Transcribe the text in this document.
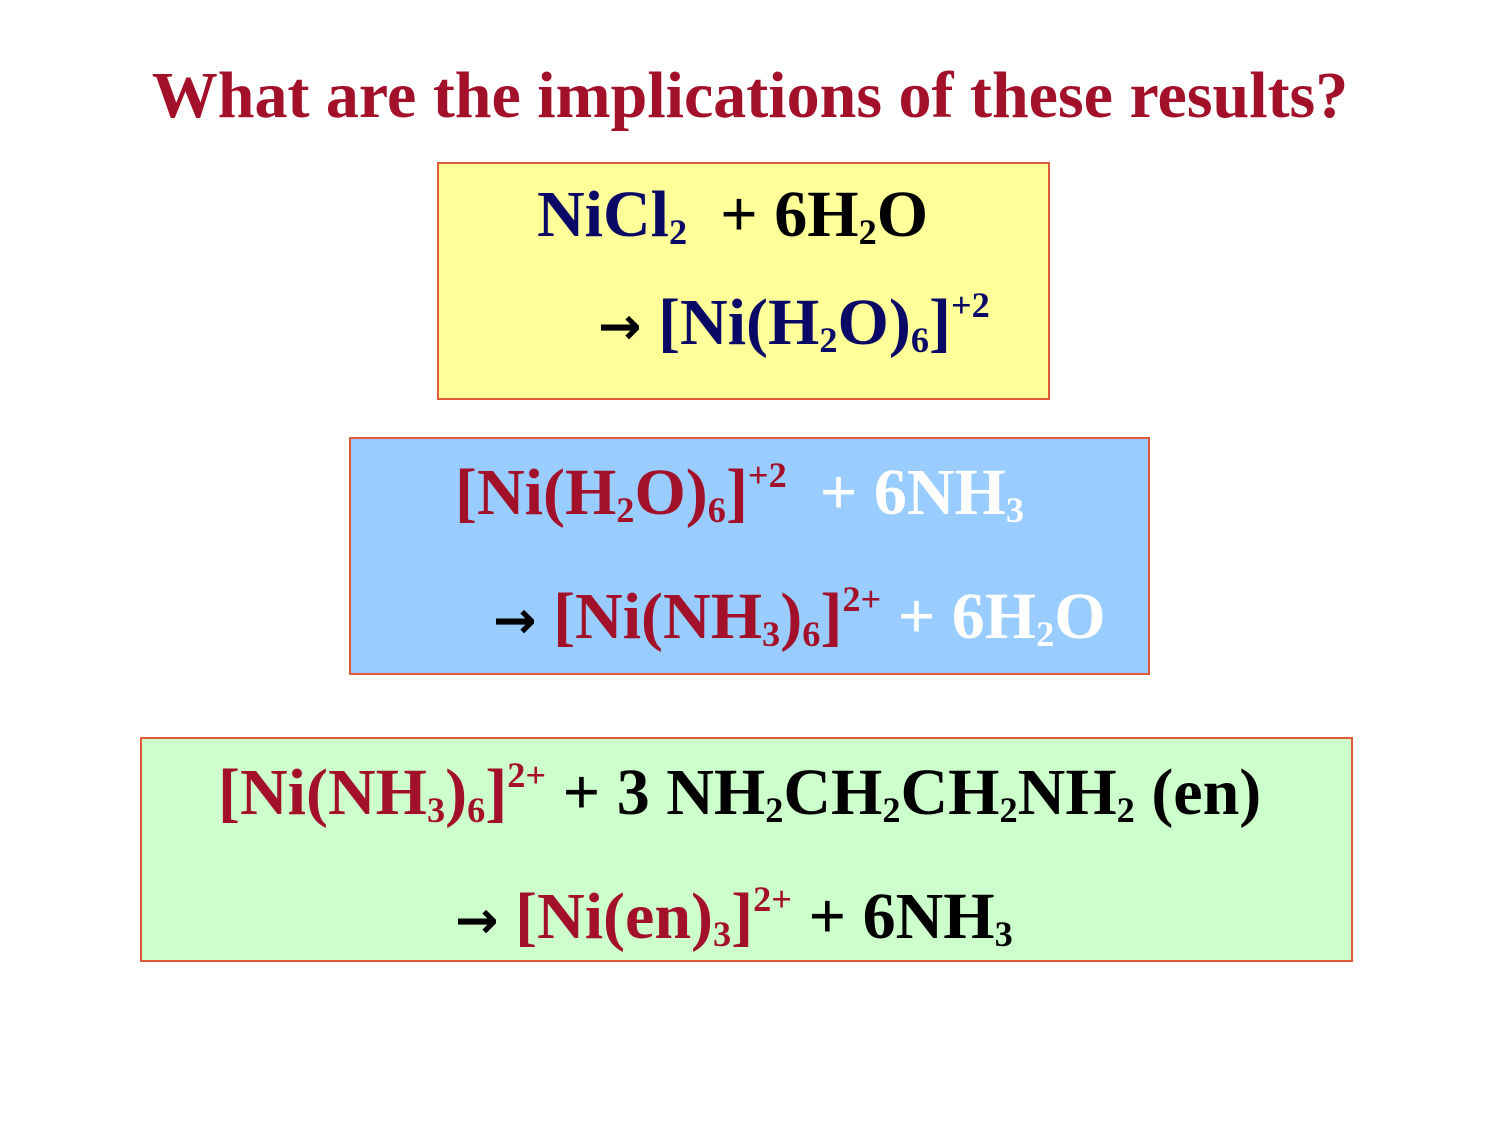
What are the implications of these results?
NiCl$_2$ + $6H_2O$
→ $[Ni(H_2O)_6]^{+2}$
$[Ni(H_2O)_6]^{+2} + 6NH_3$
→ $[Ni(NH_3)_6]^{2+} + 6H_2O$
$[Ni(NH_3)_6]^{2+} + 3$ $NH_2CH_2CH_2NH_2$ (en)
→ $[Ni(en)_3]^{2+} + 6NH_3$
